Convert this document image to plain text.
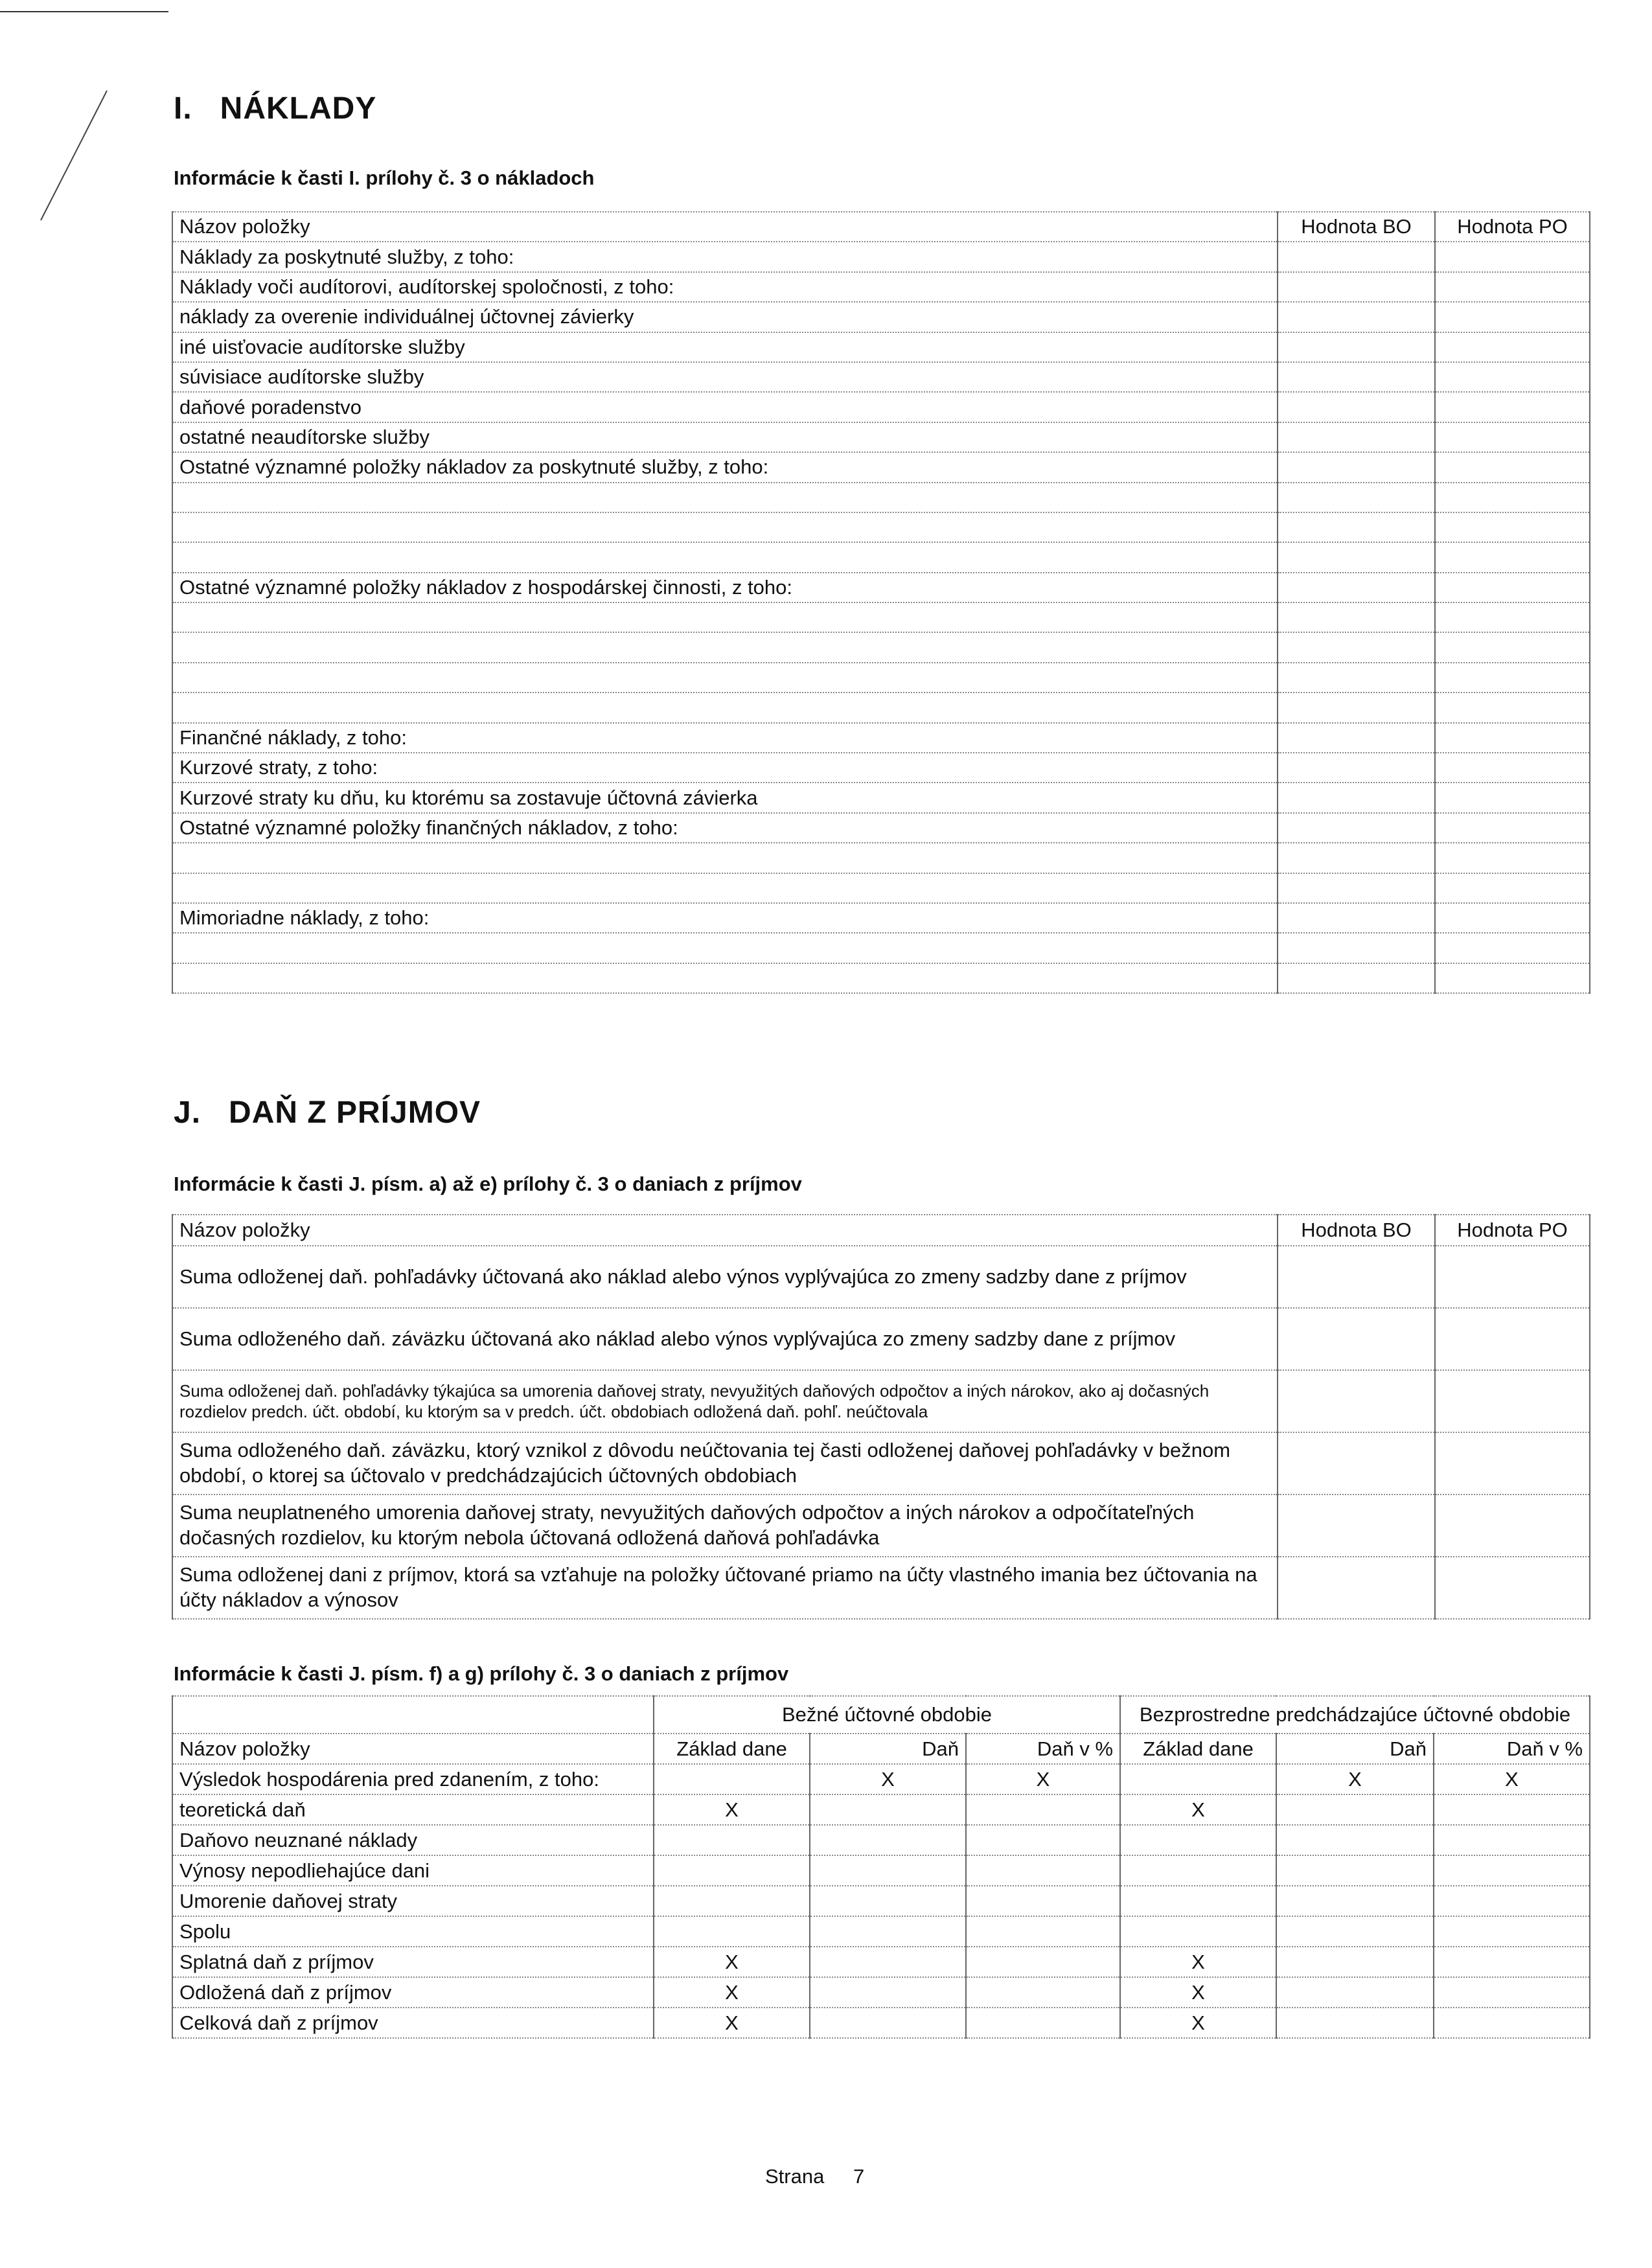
I.   NÁKLADY
Informácie k časti I. prílohy č. 3 o nákladoch
Názov položky	Hodnota BO	Hodnota PO
Náklady za poskytnuté služby, z toho:		
Náklady voči audítorovi, audítorskej spoločnosti, z toho:		
náklady za overenie individuálnej účtovnej závierky		
iné uisťovacie audítorske služby		
súvisiace audítorske služby		
daňové poradenstvo		
ostatné neaudítorske služby		
Ostatné významné položky nákladov za poskytnuté služby, z toho:		

Ostatné významné položky nákladov z hospodárskej činnosti, z toho:		

Finančné náklady, z toho:		
Kurzové straty, z toho:		
Kurzové straty ku dňu, ku ktorému sa zostavuje účtovná závierka		
Ostatné významné položky finančných nákladov, z toho:		

Mimoriadne náklady, z toho:		

J.   DAŇ Z PRÍJMOV
Informácie k časti J. písm. a) až e) prílohy č. 3 o daniach z príjmov
Názov položky	Hodnota BO	Hodnota PO
Suma odloženej daň. pohľadávky účtovaná ako náklad alebo výnos vyplývajúca zo zmeny sadzby dane z príjmov		
Suma odloženého daň. záväzku účtovaná ako náklad alebo výnos vyplývajúca zo zmeny sadzby dane z príjmov		
Suma odloženej daň. pohľadávky týkajúca sa umorenia daňovej straty, nevyužitých daňových odpočtov a iných nárokov, ako aj dočasných rozdielov predch. účt. období, ku ktorým sa v predch. účt. obdobiach odložená daň. pohľ. neúčtovala		
Suma odloženého daň. záväzku, ktorý vznikol z dôvodu neúčtovania tej časti odloženej daňovej pohľadávky v bežnom období, o ktorej sa účtovalo v predchádzajúcich účtovných obdobiach		
Suma neuplatneného umorenia daňovej straty, nevyužitých daňových odpočtov a iných nárokov a odpočítateľných dočasných rozdielov, ku ktorým nebola účtovaná odložená daňová pohľadávka		
Suma odloženej dani z príjmov, ktorá sa vzťahuje na položky účtované priamo na účty vlastného imania bez účtovania na účty nákladov a výnosov		
Informácie k časti J. písm. f) a g) prílohy č. 3 o daniach z príjmov
	Bežné účtovné obdobie			Bezprostredne predchádzajúce účtovné obdobie		
Názov položky	Základ dane	Daň	Daň v %	Základ dane	Daň	Daň v %
Výsledok hospodárenia pred zdanením, z toho:		X	X		X	X
teoretická daň	X			X		
Daňovo neuznané náklady						
Výnosy nepodliehajúce dani						
Umorenie daňovej straty						
Spolu						
Splatná daň z príjmov	X			X		
Odložená daň z príjmov	X			X		
Celková daň z príjmov	X			X		
Strana 7
